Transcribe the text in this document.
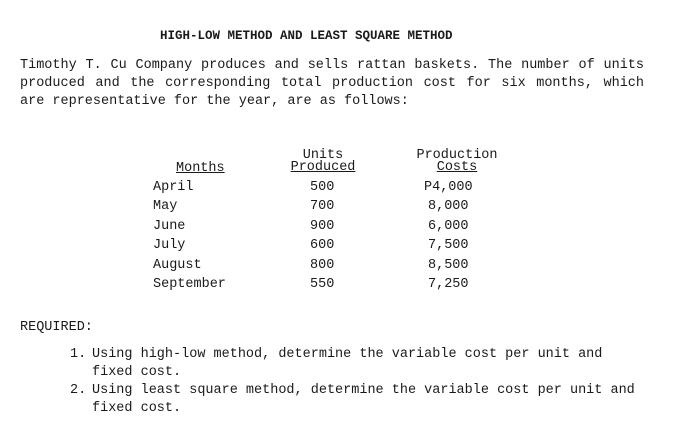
HIGH-LOW METHOD AND LEAST SQUARE METHOD
Timothy T. Cu Company produces and sells rattan baskets. The number of units produced and the corresponding total production cost for six months, which are representative for the year, are as follows:
Months
Units
Produced
Production
Costs
April
May
June
July
August
September
500
700
900
600
800
550
P4,000
8,000
6,000
7,500
8,500
7,250
REQUIRED:
1. Using high-low method, determine the variable cost per unit and fixed cost.
2. Using least square method, determine the variable cost per unit and fixed cost.
